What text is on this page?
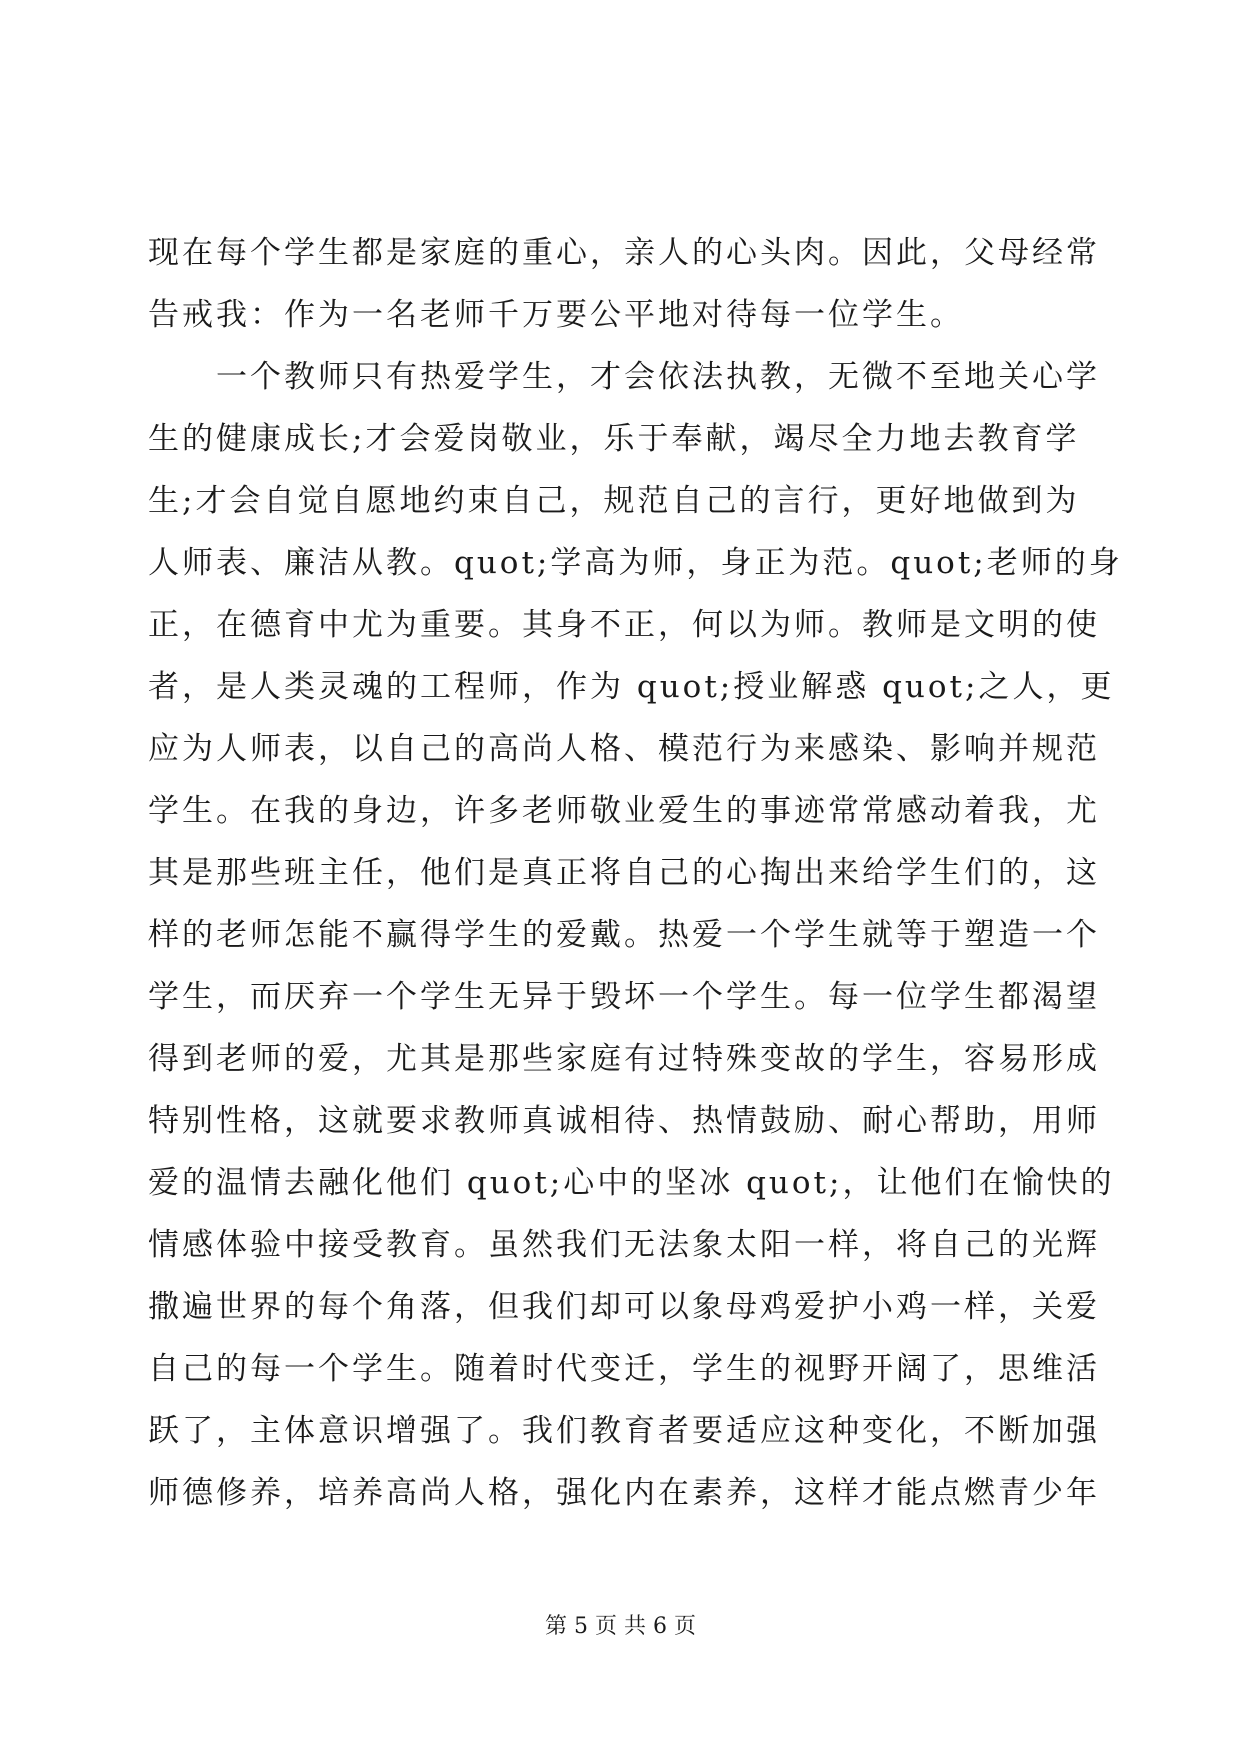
现在每个学生都是家庭的重心，亲人的心头肉。因此，父母经常
告戒我：作为一名老师千万要公平地对待每一位学生。
一个教师只有热爱学生，才会依法执教，无微不至地关心学
生的健康成长;才会爱岗敬业，乐于奉献，竭尽全力地去教育学
生;才会自觉自愿地约束自己，规范自己的言行，更好地做到为
人师表、廉洁从教。quot;学高为师，身正为范。quot;老师的身
正，在德育中尤为重要。其身不正，何以为师。教师是文明的使
者，是人类灵魂的工程师，作为 quot;授业解惑 quot;之人，更
应为人师表，以自己的高尚人格、模范行为来感染、影响并规范
学生。在我的身边，许多老师敬业爱生的事迹常常感动着我，尤
其是那些班主任，他们是真正将自己的心掏出来给学生们的，这
样的老师怎能不赢得学生的爱戴。热爱一个学生就等于塑造一个
学生，而厌弃一个学生无异于毁坏一个学生。每一位学生都渴望
得到老师的爱，尤其是那些家庭有过特殊变故的学生，容易形成
特别性格，这就要求教师真诚相待、热情鼓励、耐心帮助，用师
爱的温情去融化他们 quot;心中的坚冰 quot;，让他们在愉快的
情感体验中接受教育。虽然我们无法象太阳一样，将自己的光辉
撒遍世界的每个角落，但我们却可以象母鸡爱护小鸡一样，关爱
自己的每一个学生。随着时代变迁，学生的视野开阔了，思维活
跃了，主体意识增强了。我们教育者要适应这种变化，不断加强
师德修养，培养高尚人格，强化内在素养，这样才能点燃青少年
第 5 页 共 6 页
